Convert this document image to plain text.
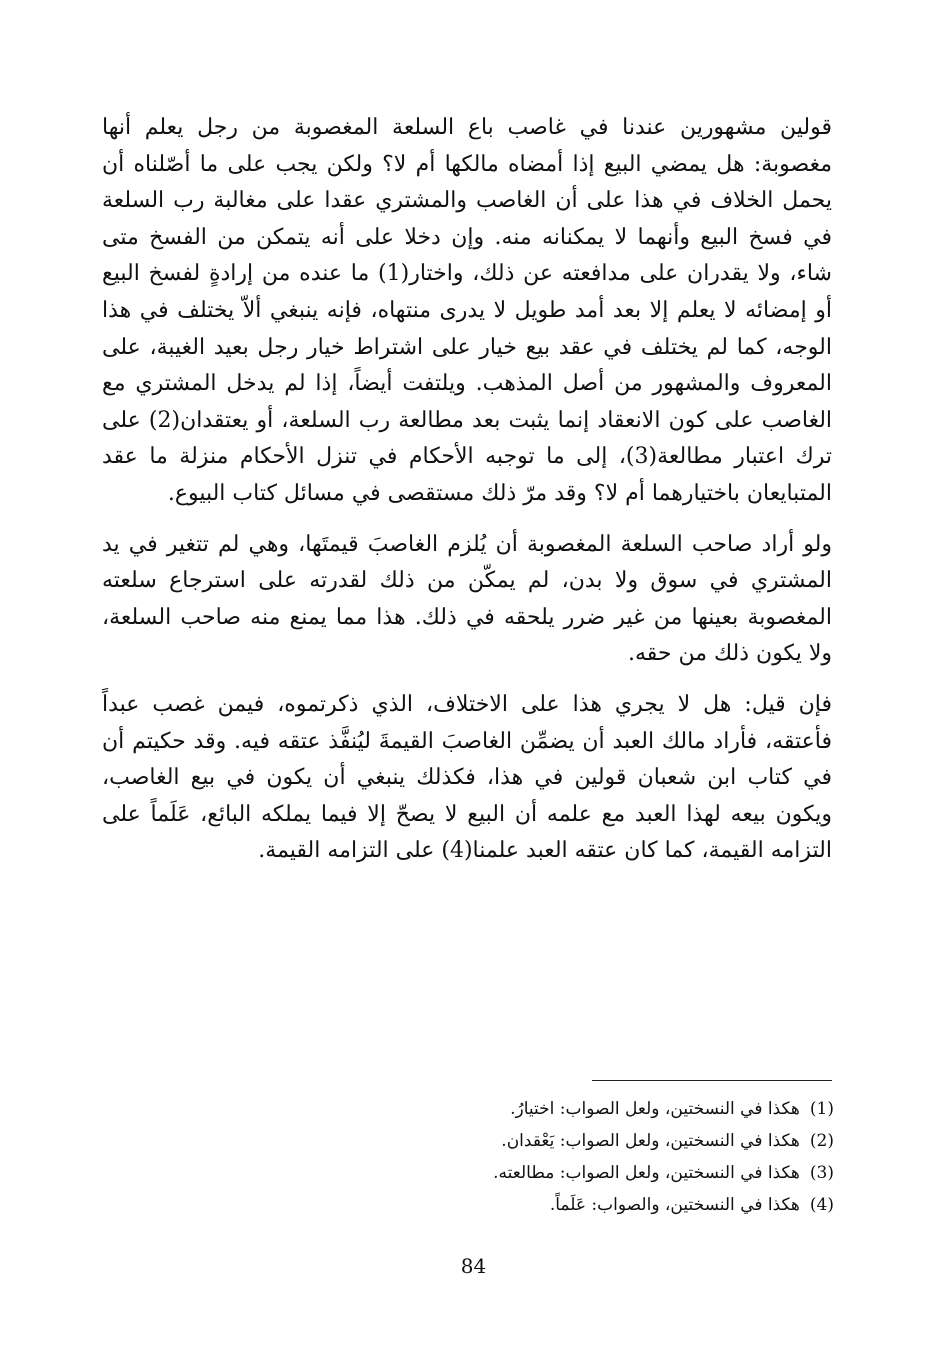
قولين مشهورين عندنا في غاصب باع السلعة المغصوبة من رجل يعلم أنها مغصوبة: هل يمضي البيع إذا أمضاه مالكها أم لا؟ ولكن يجب على ما أصّلناه أن يحمل الخلاف في هذا على أن الغاصب والمشتري عقدا على مغالبة رب السلعة في فسخ البيع وأنهما لا يمكنانه منه. وإن دخلا على أنه يتمكن من الفسخ متى شاء، ولا يقدران على مدافعته عن ذلك، واختار(1) ما عنده من إرادةٍ لفسخ البيع أو إمضائه لا يعلم إلا بعد أمد طويل لا يدرى منتهاه، فإنه ينبغي ألاّ يختلف في هذا الوجه، كما لم يختلف في عقد بيع خيار على اشتراط خيار رجل بعيد الغيبة، على المعروف والمشهور من أصل المذهب. ويلتفت أيضاً، إذا لم يدخل المشتري مع الغاصب على كون الانعقاد إنما يثبت بعد مطالعة رب السلعة، أو يعتقدان(2) على ترك اعتبار مطالعة(3)، إلى ما توجبه الأحكام في تنزل الأحكام منزلة ما عقد المتبايعان باختيارهما أم لا؟ وقد مرّ ذلك مستقصى في مسائل كتاب البيوع.

ولو أراد صاحب السلعة المغصوبة أن يُلزم الغاصبَ قيمتَها، وهي لم تتغير في يد المشتري في سوق ولا بدن، لم يمكّن من ذلك لقدرته على استرجاع سلعته المغصوبة بعينها من غير ضرر يلحقه في ذلك. هذا مما يمنع منه صاحب السلعة، ولا يكون ذلك من حقه.

فإن قيل: هل لا يجري هذا على الاختلاف، الذي ذكرتموه، فيمن غصب عبداً فأعتقه، فأراد مالك العبد أن يضمِّن الغاصبَ القيمةَ ليُنفَّذ عتقه فيه. وقد حكيتم أن في كتاب ابن شعبان قولين في هذا، فكذلك ينبغي أن يكون في بيع الغاصب، ويكون بيعه لهذا العبد مع علمه أن البيع لا يصحّ إلا فيما يملكه البائع، عَلَماً على التزامه القيمة، كما كان عتقه العبد علمنا(4) على التزامه القيمة.

(1)هكذا في النسختين، ولعل الصواب: اختيارُ.
(2)هكذا في النسختين، ولعل الصواب: يَعْقدان.
(3)هكذا في النسختين، ولعل الصواب: مطالعته.
(4)هكذا في النسختين، والصواب: عَلَماً.
84
